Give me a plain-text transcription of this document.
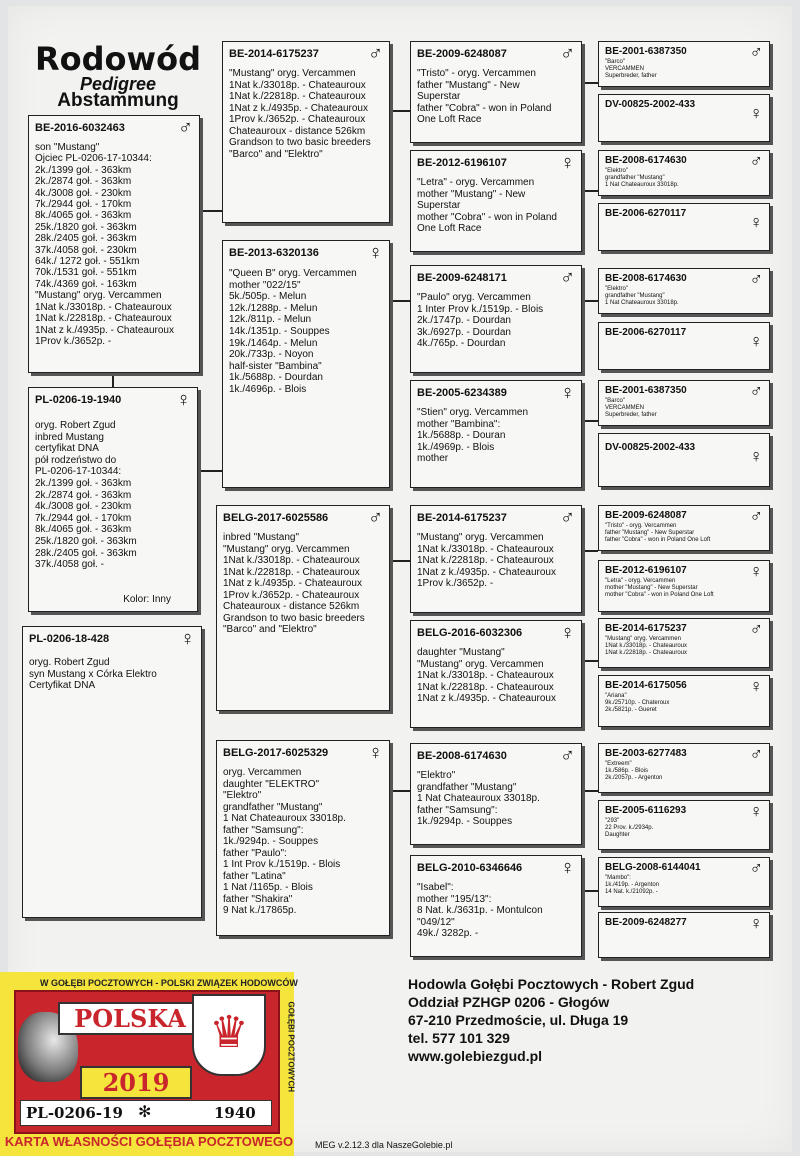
Rodowód
Pedigree
Abstammung
BE-2016-6032463	♂
son "Mustang"
Ojciec PL-0206-17-10344:
2k./1399 goł. - 363km
2k./2874 goł. - 363km
4k./3008 goł. - 230km
7k./2944 goł. - 170km
8k./4065 goł. - 363km
25k./1820 goł. - 363km
28k./2405 goł. - 363km
37k./4058 goł. - 230km
64k./ 1272 goł. - 551km
70k./1531 goł. - 551km
74k./4369 goł. - 163km
"Mustang" oryg. Vercammen
1Nat k./33018p. - Chateauroux
1Nat k./22818p. - Chateauroux
1Nat z k./4935p. - Chateauroux
1Prov k./3652p. -
PL-0206-19-1940	♀
oryg. Robert Zgud
inbred Mustang
certyfikat DNA
pół rodzeństwo do
PL-0206-17-10344:
2k./1399 goł. - 363km
2k./2874 goł. - 363km
4k./3008 goł. - 230km
7k./2944 goł. - 170km
8k./4065 goł. - 363km
25k./1820 goł. - 363km
28k./2405 goł. - 363km
37k./4058 goł. -
Kolor: Inny
PL-0206-18-428	♀
oryg. Robert Zgud
syn Mustang x Córka Elektro
Certyfikat DNA
BE-2014-6175237 ♂
"Mustang" oryg. Vercammen
1Nat k./33018p. - Chateauroux
1Nat k./22818p. - Chateauroux
1Nat z k./4935p. - Chateauroux
1Prov k./3652p. - Chateauroux
Chateauroux - distance 526km
Grandson to two basic breeders
"Barco" and "Elektro"
BE-2013-6320136 ♀
"Queen B" oryg. Vercammen
mother "022/15"
5k./505p. - Melun
12k./1288p. - Melun
12k./811p. - Melun
14k./1351p. - Souppes
19k./1464p. - Melun
20k./733p. - Noyon
half-sister "Bambina"
1k./5688p. - Dourdan
1k./4696p. - Blois
BELG-2017-6025586 ♂
inbred "Mustang"
"Mustang" oryg. Vercammen
1Nat k./33018p. - Chateauroux
1Nat k./22818p. - Chateauroux
1Nat z k./4935p. - Chateauroux
1Prov k./3652p. - Chateauroux
Chateauroux - distance 526km
Grandson to two basic breeders
"Barco" and "Elektro"
BELG-2017-6025329 ♀
oryg. Vercammen
daughter "ELEKTRO"
"Elektro"
grandfather "Mustang"
1 Nat Chateauroux 33018p.
father "Samsung":
1k./9294p. - Souppes
father "Paulo":
1 Int Prov k./1519p. - Blois
father "Latina"
1 Nat /1165p. - Blois
father "Shakira"
9 Nat k./17865p.
BE-2009-6248087	♂
"Tristo" - oryg. Vercammen
father "Mustang" - New
Superstar
father "Cobra" - won in Poland
One Loft Race
BE-2012-6196107	♀
"Letra" - oryg. Vercammen
mother "Mustang" - New
Superstar
mother "Cobra" - won in Poland
One Loft Race
BE-2009-6248171	♂
"Paulo" oryg. Vercammen
1 Inter Prov k./1519p. - Blois
2k./1747p. - Dourdan
3k./6927p. - Dourdan
4k./765p. - Dourdan
BE-2005-6234389	♀
"Stien" oryg. Vercammen
mother "Bambina":
1k./5688p. - Douran
1k./4969p. - Blois
mother
BE-2014-6175237	♂
"Mustang" oryg. Vercammen
1Nat k./33018p. - Chateauroux
1Nat k./22818p. - Chateauroux
1Nat z k./4935p. - Chateauroux
1Prov k./3652p. -
BELG-2016-6032306 ♀
daughter "Mustang"
"Mustang" oryg. Vercammen
1Nat k./33018p. - Chateauroux
1Nat k./22818p. - Chateauroux
1Nat z k./4935p. - Chateauroux
BE-2008-6174630	♂
"Elektro"
grandfather "Mustang"
1 Nat Chateauroux 33018p.
father "Samsung":
1k./9294p. - Souppes
BELG-2010-6346646 ♀
"Isabel":
mother "195/13":
8 Nat. k./3631p. - Montulcon
"049/12"
49k./ 3282p. -
BE-2001-6387350	♂
"Barco"
VERCAMMEN
Superbreder, father
DV-00825-2002-433	♀
BE-2008-6174630	♂
"Elektro"
grandfather "Mustang"
1 Nat Chateauroux 33018p.
BE-2006-6270117	♀
BE-2008-6174630	♂
"Elektro"
grandfather "Mustang"
1 Nat Chateauroux 33018p.
BE-2006-6270117	♀
BE-2001-6387350	♂
"Barco"
VERCAMMEN
Superbreder, father
DV-00825-2002-433	♀
BE-2009-6248087	♂
"Tristo" - oryg. Vercammen
father "Mustang" - New Superstar
father "Cobra" - won in Poland One Loft
BE-2012-6196107	♀
"Letra" - oryg. Vercammen
mother "Mustang" - New Superstar
mother "Cobra" - won in Poland One Loft
BE-2014-6175237	♂
"Mustang" oryg. Vercammen
1Nat k./33018p. - Chateauroux
1Nat k./22818p. - Chateauroux
BE-2014-6175056	♀
"Ariana"
9k./25710p. - Chateroux
2k./5821p. - Gueret
BE-2003-6277483	♂
"Extreem"
1k./586p. - Blois
2k./2057p. - Argenton
BE-2005-6116293	♀
"293"
22 Prov. k./2934p.
Daughter
BELG-2008-6144041	♂
"Mambo":
1k./419p. - Argenton
14 Nat. k./21092p. -
BE-2009-6248277	♀
Hodowla Gołębi Pocztowych - Robert Zgud
Oddział PZHGP 0206 - Głogów
67-210 Przedmoście, ul. Długa 19
tel. 577 101 329
www.golebiezgud.pl
MEG v.2.12.3 dla NaszeGolebie.pl
W GOŁĘBI POCZTOWYCH - POLSKI ZWIĄZEK HODOWCÓW
GOŁĘBI POCZTOWYCH
POLSKA ♛
2019
PL-0206-19 ✻	1940
KARTA WŁASNOŚCI GOŁĘBIA POCZTOWEGO
